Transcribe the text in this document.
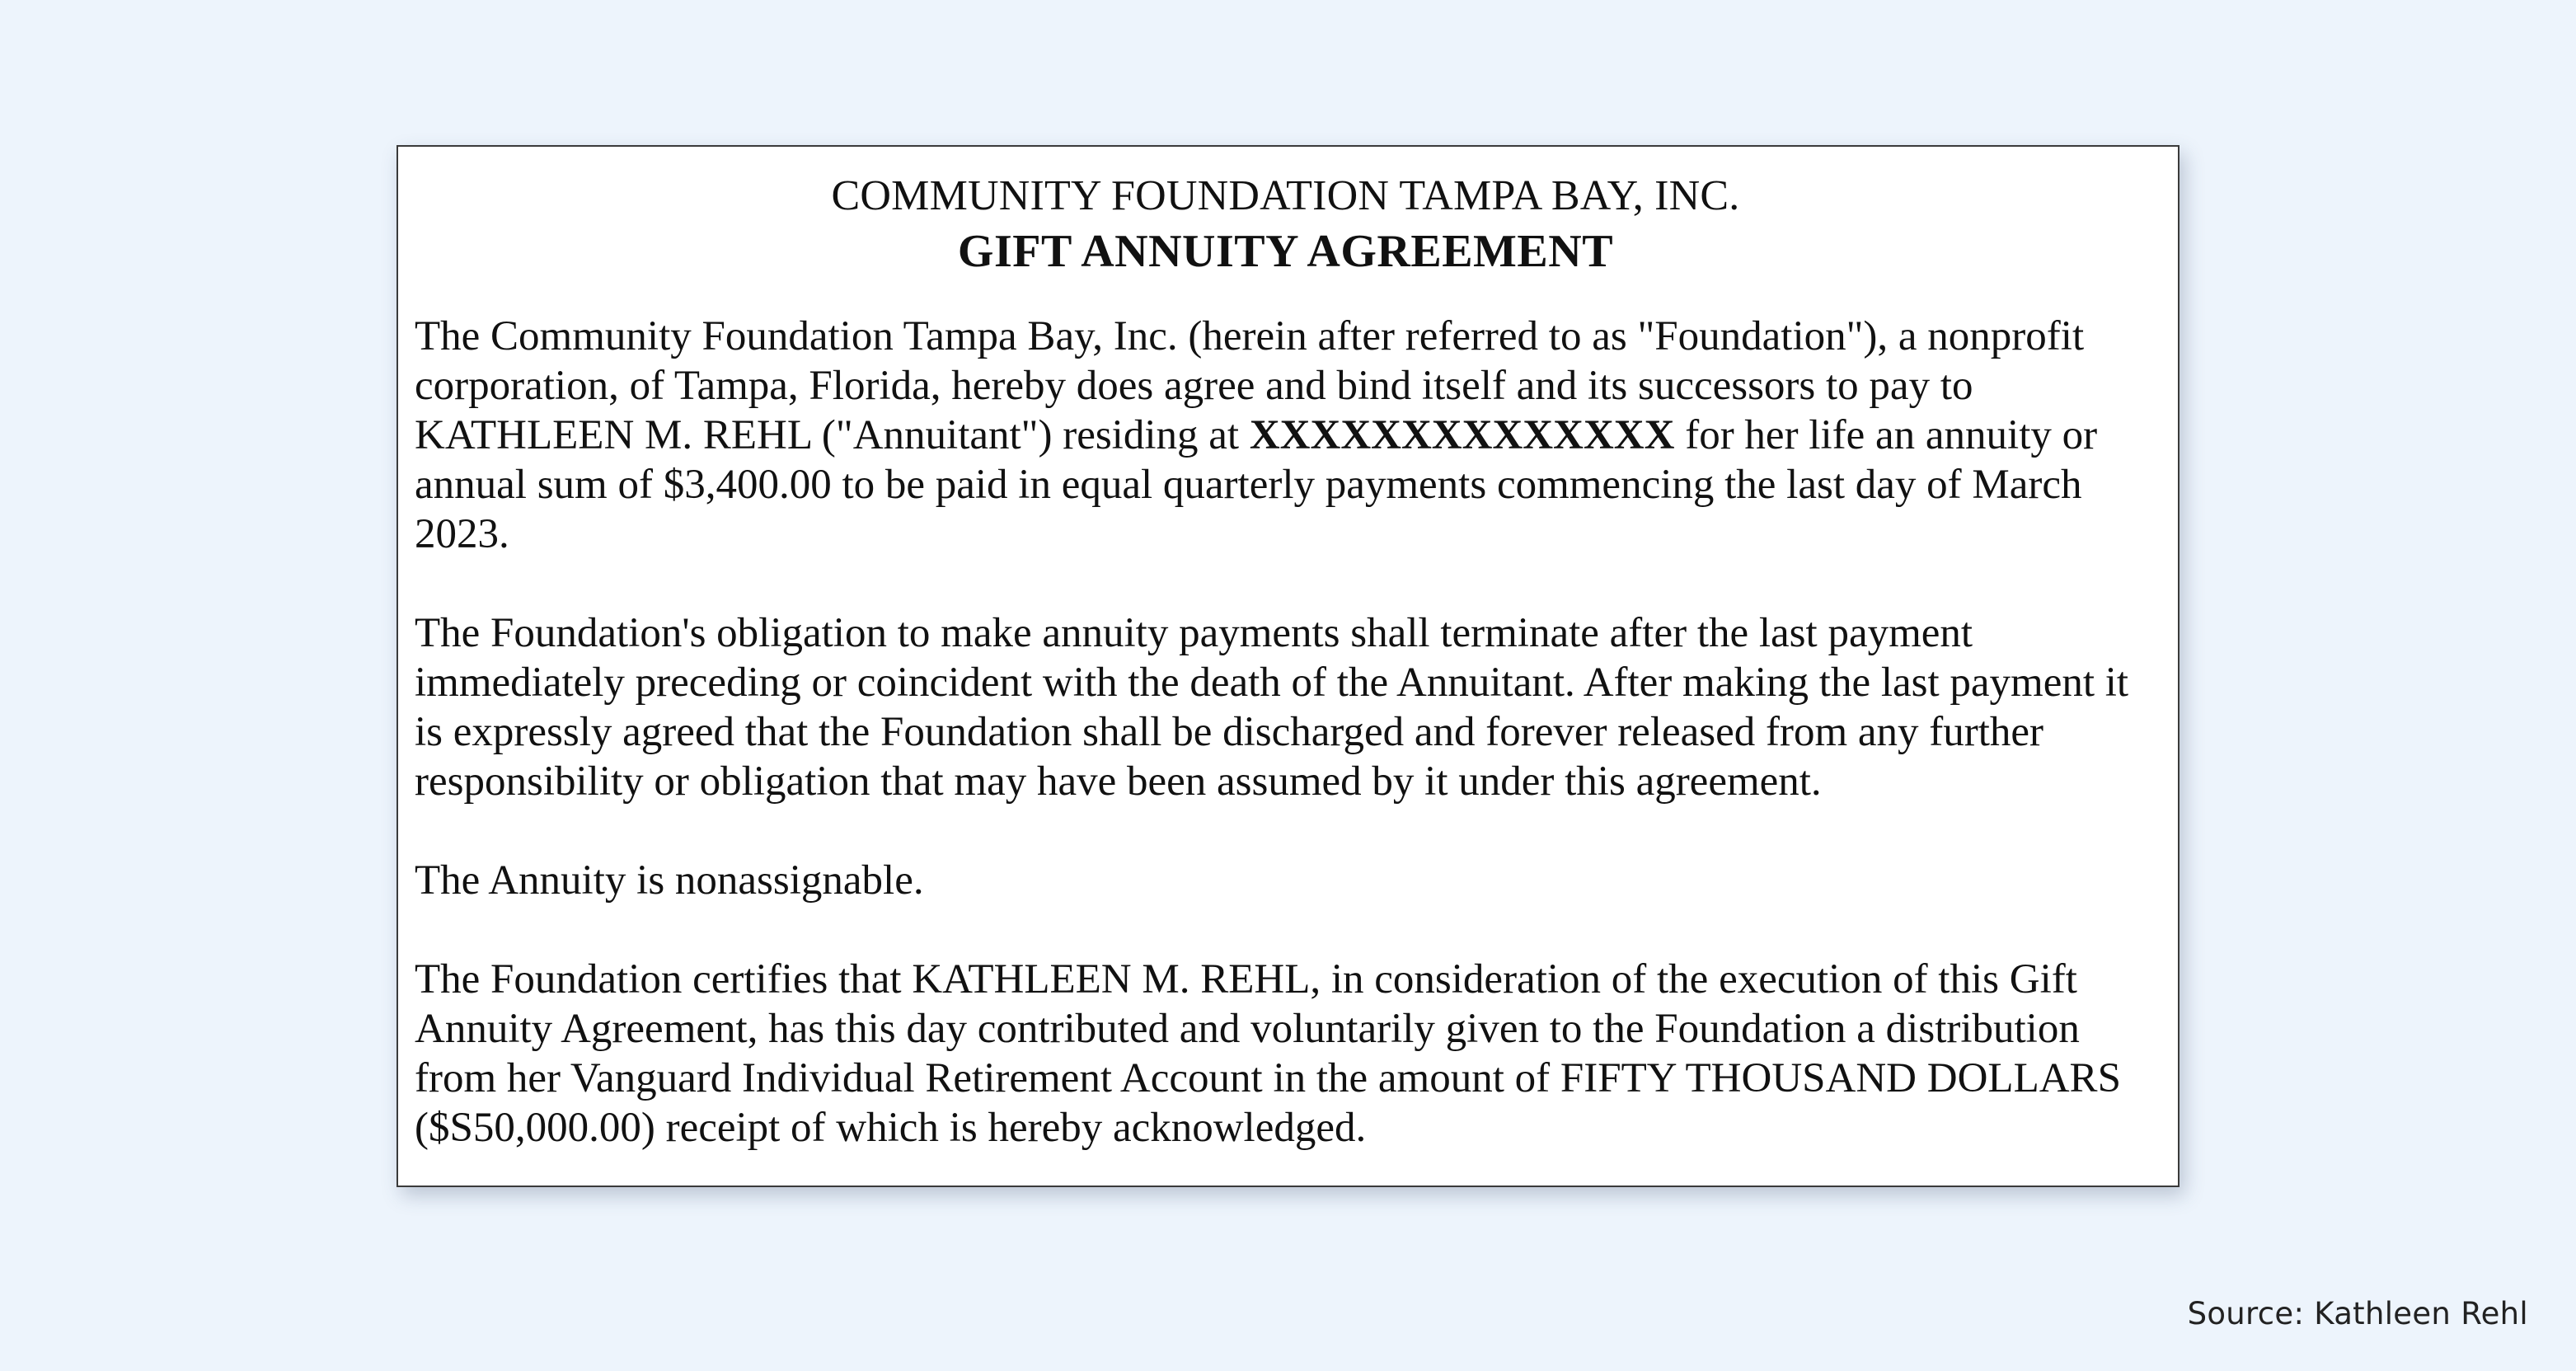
COMMUNITY FOUNDATION TAMPA BAY, INC.
GIFT ANNUITY AGREEMENT

The Community Foundation Tampa Bay, Inc. (herein after referred to as "Foundation"), a nonprofit corporation, of Tampa, Florida, hereby does agree and bind itself and its successors to pay to KATHLEEN M. REHL ("Annuitant") residing at XXXXXXXXXXXXXX for her life an annuity or annual sum of $3,400.00 to be paid in equal quarterly payments commencing the last day of March 2023.

The Foundation's obligation to make annuity payments shall terminate after the last payment immediately preceding or coincident with the death of the Annuitant. After making the last payment it is expressly agreed that the Foundation shall be discharged and forever released from any further responsibility or obligation that may have been assumed by it under this agreement.

The Annuity is nonassignable.

The Foundation certifies that KATHLEEN M. REHL, in consideration of the execution of this Gift Annuity Agreement, has this day contributed and voluntarily given to the Foundation a distribution from her Vanguard Individual Retirement Account in the amount of FIFTY THOUSAND DOLLARS ($S50,000.00) receipt of which is hereby acknowledged.

Source: Kathleen Rehl
